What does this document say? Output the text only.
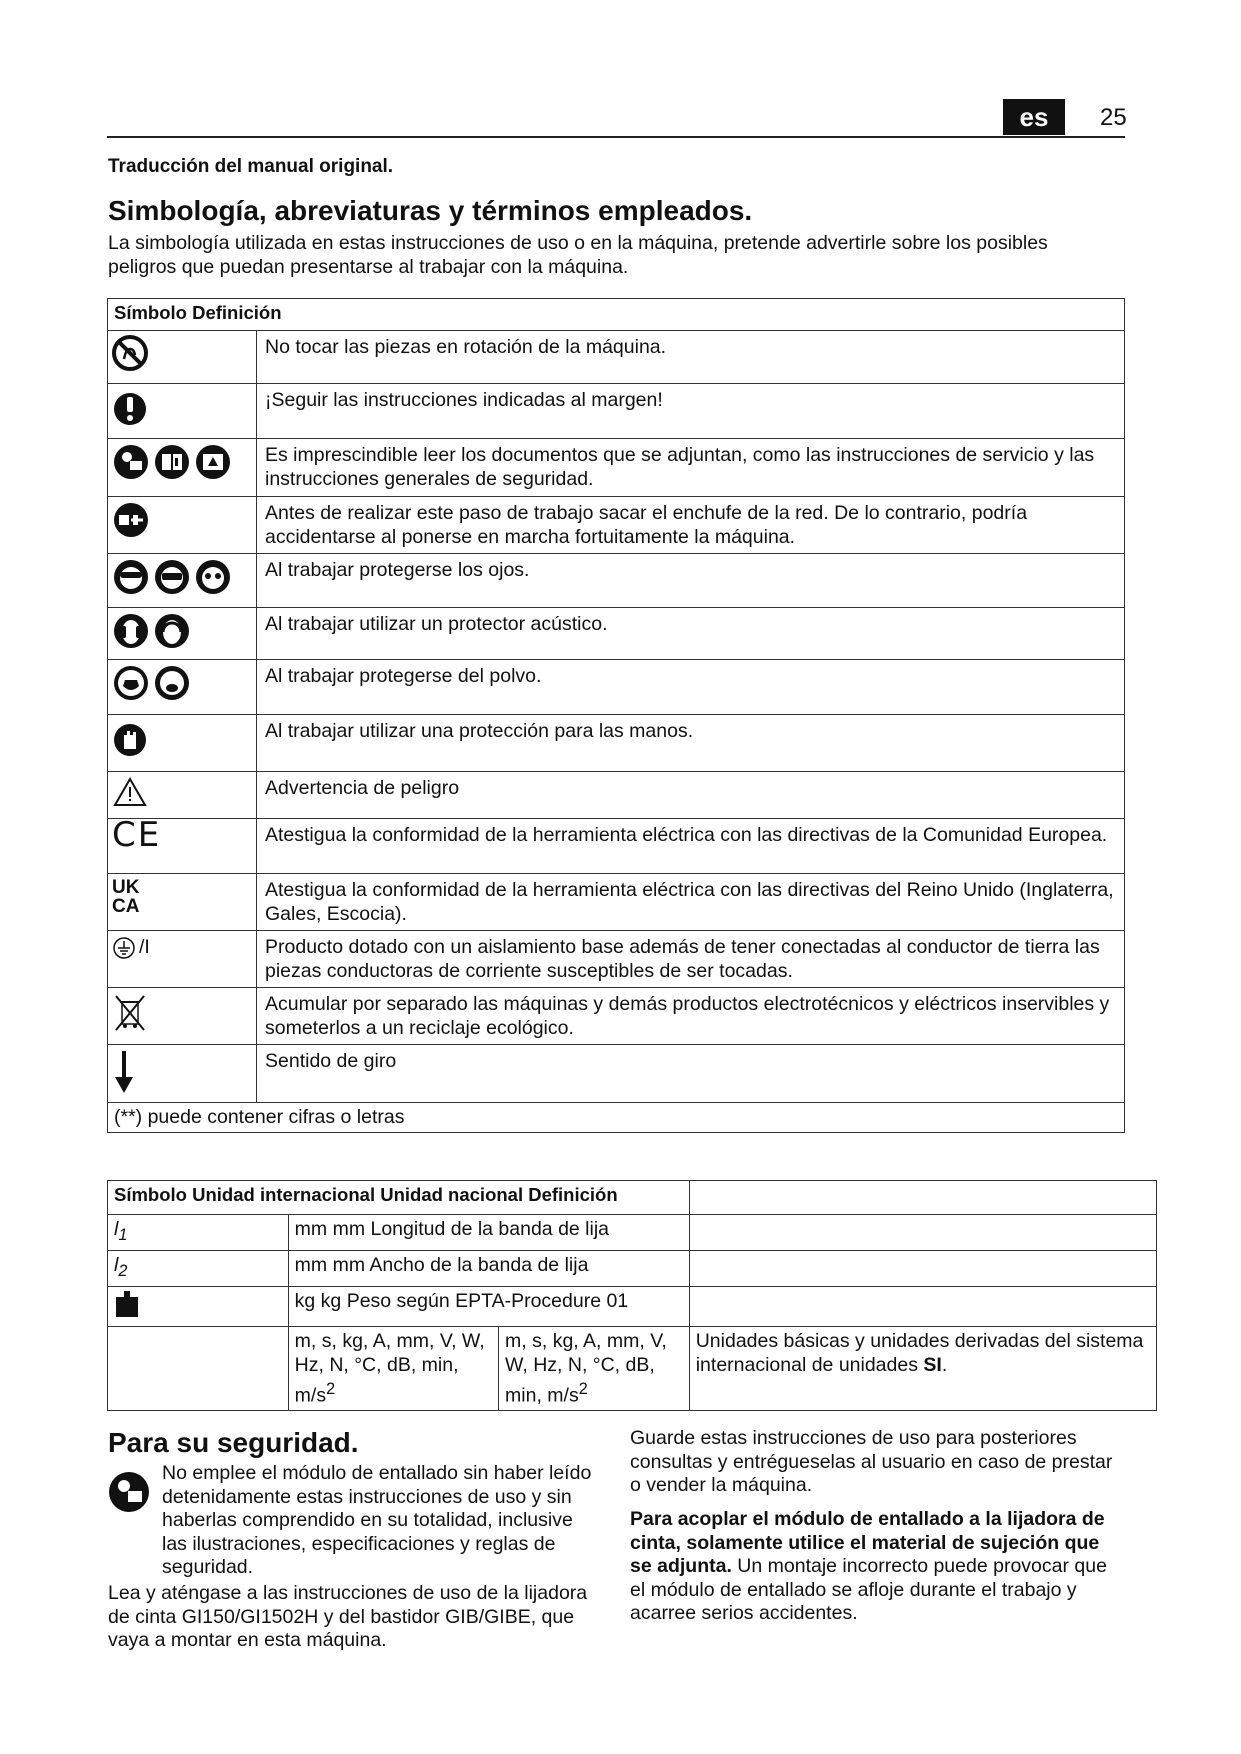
es	25
Traducción del manual original.
Simbología, abreviaturas y términos empleados.
La simbología utilizada en estas instrucciones de uso o en la máquina, pretende advertirle sobre los posibles peligros que puedan presentarse al trabajar con la máquina.
Símbolo Definición	
	No tocar las piezas en rotación de la máquina.
	¡Seguir las instrucciones indicadas al margen!
	Es imprescindible leer los documentos que se adjuntan, como las instrucciones de servicio y las instrucciones generales de seguridad.
	Antes de realizar este paso de trabajo sacar el enchufe de la red. De lo contrario, podría accidentarse al ponerse en marcha fortuitamente la máquina.
	Al trabajar protegerse los ojos.
	Al trabajar utilizar un protector acústico.
	Al trabajar protegerse del polvo.
	Al trabajar utilizar una protección para las manos.
	Advertencia de peligro
CE	Atestigua la conformidad de la herramienta eléctrica con las directivas de la Comunidad Europea.
UK CA	Atestigua la conformidad de la herramienta eléctrica con las directivas del Reino Unido (Inglaterra, Gales, Escocia).
/I	Producto dotado con un aislamiento base además de tener conectadas al conductor de tierra las piezas conductoras de corriente susceptibles de ser tocadas.
	Acumular por separado las máquinas y demás productos electrotécnicos y eléctricos inservibles y someterlos a un reciclaje ecológico.
	Sentido de giro
(**) puede contener cifras o letras	
Símbolo Unidad internacional Unidad nacional Definición			
$l_1$	mm mm Longitud de la banda de lija		
$l_2$	mm mm Ancho de la banda de lija		
	kg kg Peso según EPTA-Procedure 01		
	m, s, kg, A, mm, V, W, Hz, N, °C, dB, min, $m/s^2$	m, s, kg, A, mm, V, W, Hz, N, °C, dB, min, $m/s^2$	Unidades básicas y unidades derivadas del sistema internacional de unidades SI.
Para su seguridad.
No emplee el módulo de entallado sin haber leído detenidamente estas instrucciones de uso y sin haberlas comprendido en su totalidad, inclusive las ilustraciones, especificaciones y reglas de seguridad.
Lea y aténgase a las instrucciones de uso de la lijadora de cinta GI150/GI1502H y del bastidor GIB/GIBE, que vaya a montar en esta máquina.
Guarde estas instrucciones de uso para posteriores consultas y entrégueselas al usuario en caso de prestar o vender la máquina.
Para acoplar el módulo de entallado a la lijadora de cinta, solamente utilice el material de sujeción que se adjunta. Un montaje incorrecto puede provocar que el módulo de entallado se afloje durante el trabajo y acarree serios accidentes.
